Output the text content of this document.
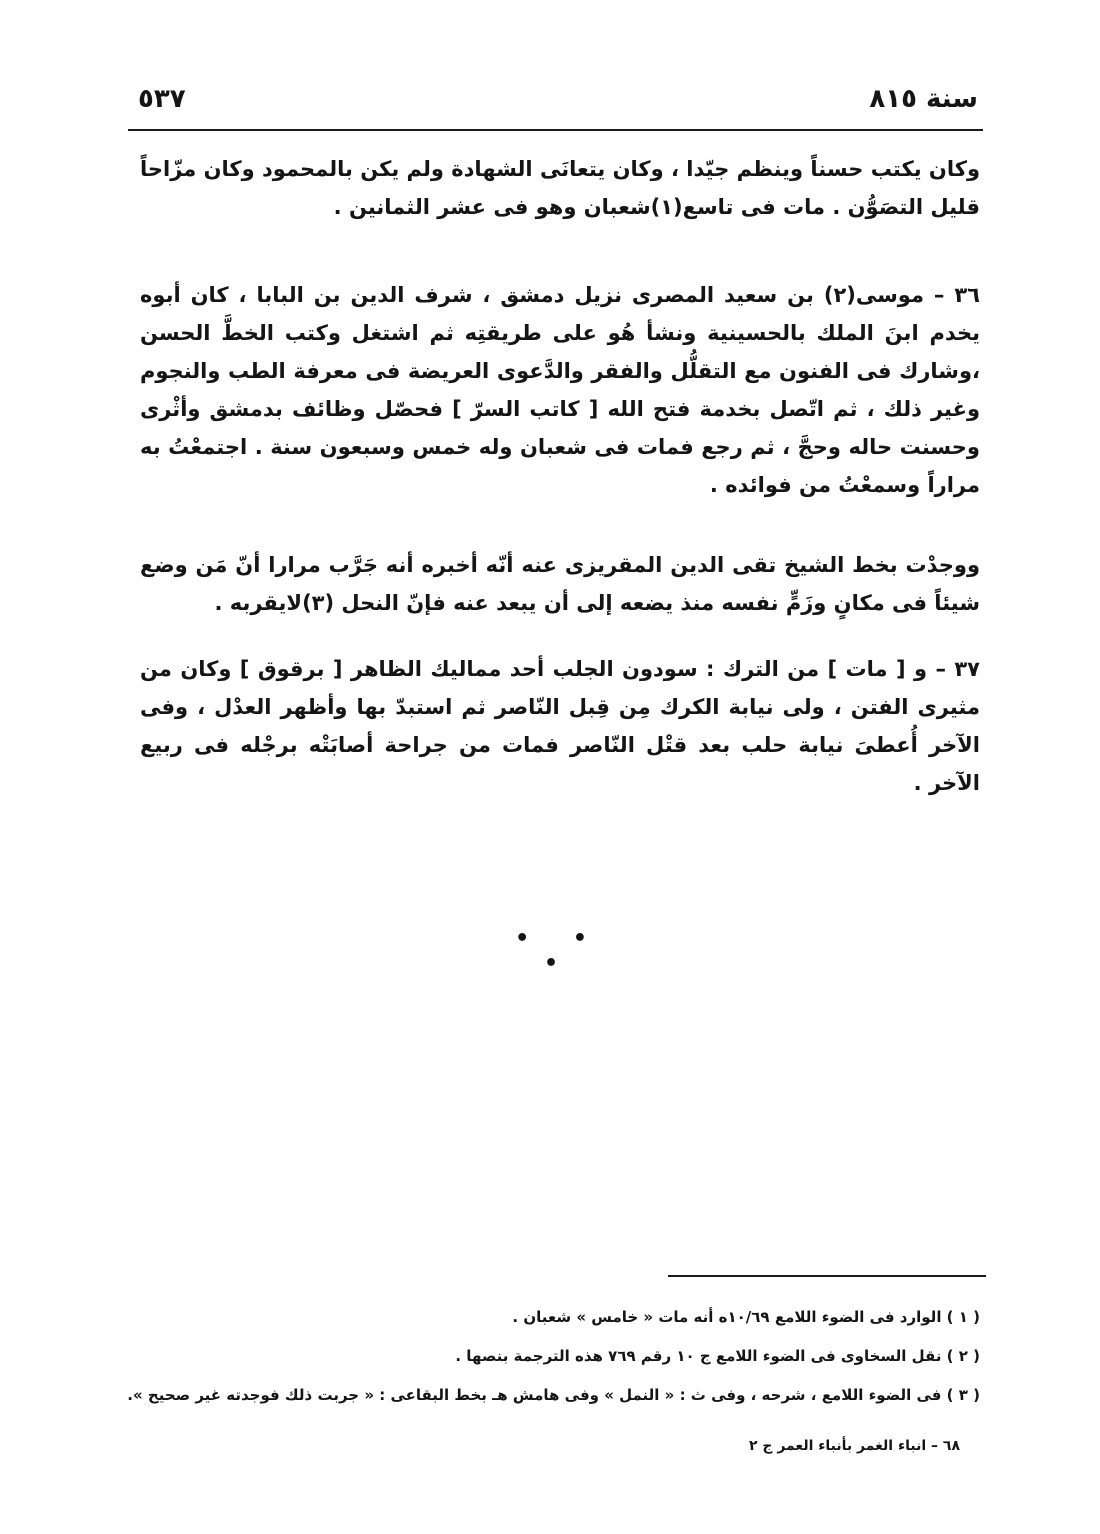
سنة ٨١٥
٥٣٧

وكان يكتب حسناً وينظم جيّدا ، وكان يتعانَى الشهادة ولم يكن بالمحمود وكان مزّاحاً قليل التصَوُّن . مات فى تاسع(١)شعبان وهو فى عشر الثمانين .

٣٦ – موسى(٢) بن سعيد المصرى نزيل دمشق ، شرف الدين بن البابا ، كان أبوه يخدم ابنَ الملك بالحسينية ونشأ هُو على طريقتِه ثم اشتغل وكتب الخطَّ الحسن ،وشارك فى الفنون مع التقلُّل والفقر والدَّعوى العريضة فى معرفة الطب والنجوم وغير ذلك ، ثم اتّصل بخدمة فتح الله [ كاتب السرّ ] فحصّل وظائف بدمشق وأثْرى وحسنت حاله وحجَّ ، ثم رجع فمات فى شعبان وله خمس وسبعون سنة . اجتمعْتُ به مراراً وسمعْتُ من فوائده .

ووجدْت بخط الشيخ تقى الدين المقريزى عنه أنّه أخبره أنه جَرَّب مرارا أنّ مَن وضع شيئاً فى مكانٍ وزَمٍّ نفسه منذ يضعه إلى أن يبعد عنه فإنّ النحل (٣)لايقربه .

٣٧ – و [ مات ] من الترك : سودون الجلب أحد مماليك الظاهر [ برقوق ] وكان من مثيرى الفتن ، ولى نيابة الكرك مِن قِبل النّاصر ثم استبدّ بها وأظهر العدْل ، وفى الآخر أُعطىَ نيابة حلب بعد قتْل النّاصر فمات من جراحة أصابَتْه برجْله فى ربيع الآخر .

• • •
( ١ ) الوارد فى الضوء اللامع ١٠/٦٩ه أنه مات « خامس » شعبان .
( ٢ ) نقل السخاوى فى الضوء اللامع ج ١٠ رقم ٧٦٩ هذه الترجمة بنصها .
( ٣ ) فى الضوء اللامع ، شرحه ، وفى ث : « النمل » وفى هامش هـ بخط البقاعى : « جربت ذلك فوجدته غير صحيح ».
٦٨ – انباء الغمر بأنباء العمر ج ٢
